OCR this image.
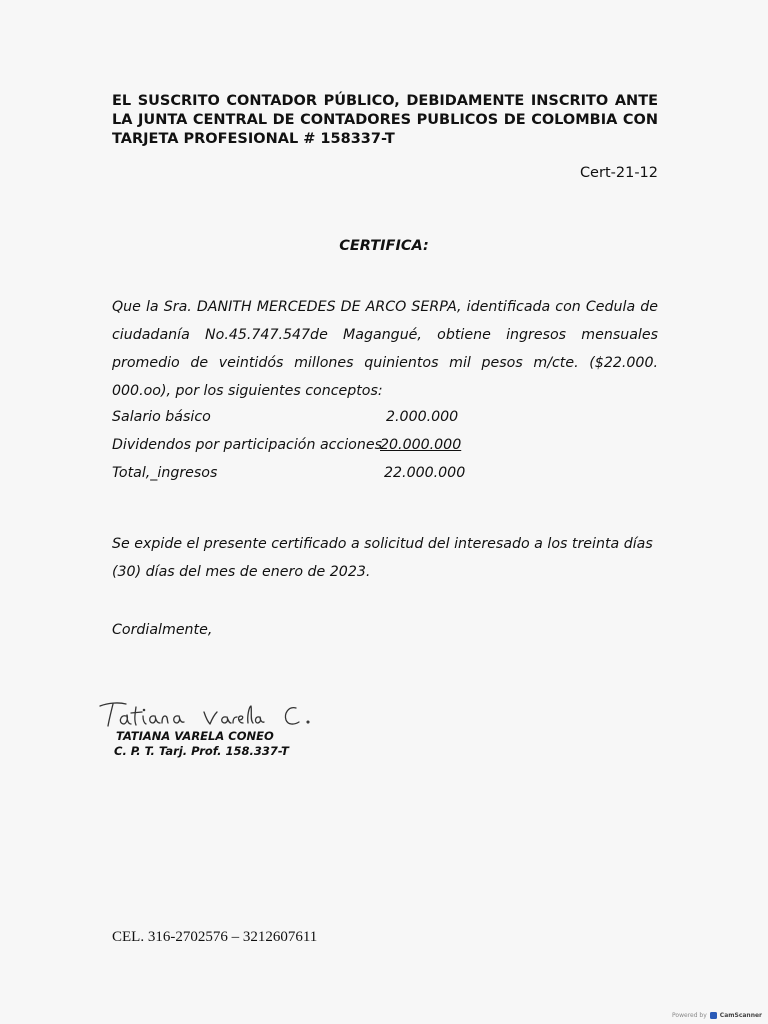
EL SUSCRITO CONTADOR PÚBLICO, DEBIDAMENTE INSCRITO ANTE LA JUNTA CENTRAL DE CONTADORES PUBLICOS DE COLOMBIA CON TARJETA PROFESIONAL # 158337-T
Cert-21-12
CERTIFICA:
Que la Sra. DANITH MERCEDES DE ARCO SERPA, identificada con Cedula de ciudadanía No.45.747.547de Magangué, obtiene ingresos mensuales promedio de veintidós millones quinientos mil pesos m/cte. ($22.000. 000.oo), por los siguientes conceptos:
Salario básico	2.000.000
Dividendos por participación acciones
20.000.000
Total,_ingresos	22.000.000
Se expide el presente certificado a solicitud del interesado a los treinta días (30) días del mes de enero de 2023.
Cordialmente,
TATIANA VARELA CONEO
C. P. T. Tarj. Prof. 158.337-T
CEL. 316-2702576 – 3212607611
Powered by CamScanner
